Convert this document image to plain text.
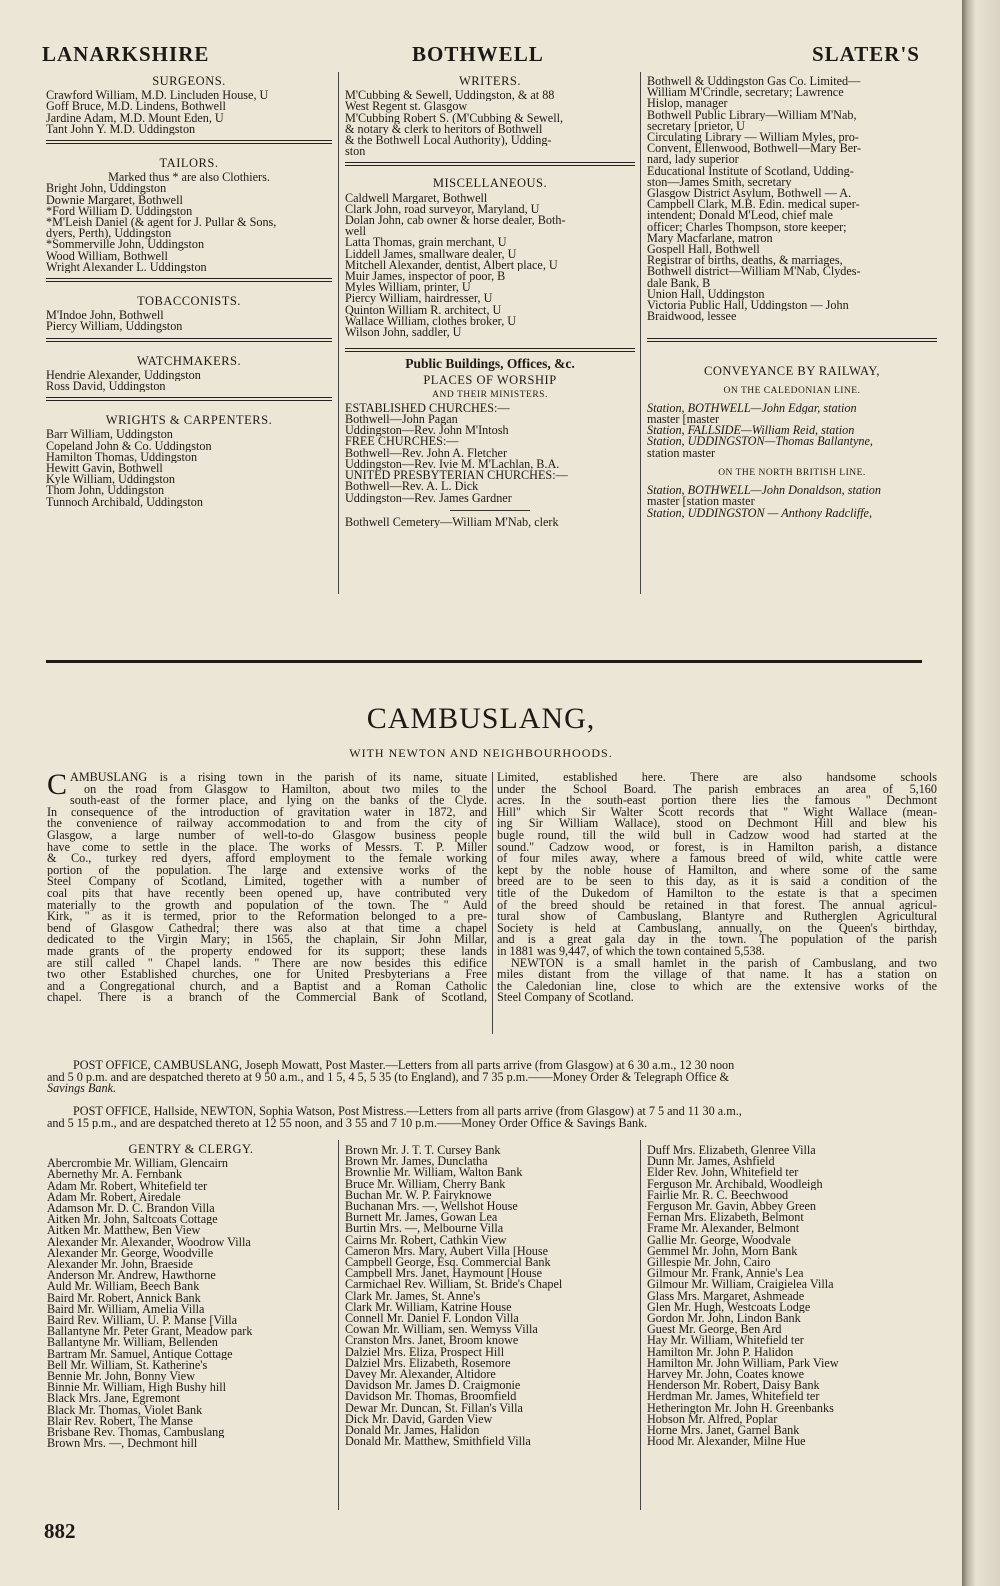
LANARKSHIRE	BOTHWELL	SLATER'S
SURGEONS.
Crawford William, M.D. Lincluden House, U
Goff Bruce, M.D. Lindens, Bothwell
Jardine Adam, M.D. Mount Eden, U
Tant John Y. M.D. Uddingston
TAILORS.
Marked thus * are also Clothiers.
Bright John, Uddingston
Downie Margaret, Bothwell
*Ford William D. Uddingston
*M'Leish Daniel (& agent for J. Pullar & Sons,
dyers, Perth), Uddingston
*Sommerville John, Uddingston
Wood William, Bothwell
Wright Alexander L. Uddingston
TOBACCONISTS.
M'Indoe John, Bothwell
Piercy William, Uddingston
WATCHMAKERS.
Hendrie Alexander, Uddingston
Ross David, Uddingston
WRIGHTS & CARPENTERS.
Barr William, Uddingston
Copeland John & Co. Uddingston
Hamilton Thomas, Uddingston
Hewitt Gavin, Bothwell
Kyle William, Uddingston
Thom John, Uddingston
Tunnoch Archibald, Uddingston
WRITERS.
M'Cubbing & Sewell, Uddingston, & at 88
West Regent st. Glasgow
M'Cubbing Robert S. (M'Cubbing & Sewell,
& notary & clerk to heritors of Bothwell
& the Bothwell Local Authority), Udding-
ston
MISCELLANEOUS.
Caldwell Margaret, Bothwell
Clark John, road surveyor, Maryland, U
Dolan John, cab owner & horse dealer, Both-
well
Latta Thomas, grain merchant, U
Liddell James, smallware dealer, U
Mitchell Alexander, dentist, Albert place, U
Muir James, inspector of poor, B
Myles William, printer, U
Piercy William, hairdresser, U
Quinton William R. architect, U
Wallace William, clothes broker, U
Wilson John, saddler, U
Public Buildings, Offices, &c.
PLACES OF WORSHIP
AND THEIR MINISTERS.
ESTABLISHED CHURCHES:—
Bothwell—John Pagan
Uddingston—Rev. John M'Intosh
FREE CHURCHES:—
Bothwell—Rev. John A. Fletcher
Uddingston—Rev. Ivie M. M'Lachlan, B.A.
UNITED PRESBYTERIAN CHURCHES:—
Bothwell—Rev. A. L. Dick
Uddingston—Rev. James Gardner
Bothwell Cemetery—William M'Nab, clerk
Bothwell & Uddingston Gas Co. Limited—
William M'Crindle, secretary; Lawrence
Hislop, manager
Bothwell Public Library—William M'Nab,
secretary [prietor, U
Circulating Library — William Myles, pro-
Convent, Ellenwood, Bothwell—Mary Ber-
nard, lady superior
Educational Institute of Scotland, Udding-
ston—James Smith, secretary
Glasgow District Asylum, Bothwell — A.
Campbell Clark, M.B. Edin. medical super-
intendent; Donald M'Leod, chief male
officer; Charles Thompson, store keeper;
Mary Macfarlane, matron
Gospell Hall, Bothwell
Registrar of births, deaths, & marriages,
Bothwell district—William M'Nab, Clydes-
dale Bank, B
Union Hall, Uddingston
Victoria Public Hall, Uddingston — John
Braidwood, lessee
CONVEYANCE BY RAILWAY,
ON THE CALEDONIAN LINE.
Station, BOTHWELL—John Edgar, station
master [master
Station, FALLSIDE—William Reid, station
Station, UDDINGSTON—Thomas Ballantyne,
station master
ON THE NORTH BRITISH LINE.
Station, BOTHWELL—John Donaldson, station
master [station master
Station, UDDINGSTON — Anthony Radcliffe,
CAMBUSLANG,
WITH NEWTON AND NEIGHBOURHOODS.
C AMBUSLANG is a rising town in the parish of its name, situate
on the road from Glasgow to Hamilton, about two miles to the
south-east of the former place, and lying on the banks of the Clyde.
In consequence of the introduction of gravitation water in 1872, and
the convenience of railway accommodation to and from the city of
Glasgow, a large number of well-to-do Glasgow business people
have come to settle in the place. The works of Messrs. T. P. Miller
& Co., turkey red dyers, afford employment to the female working
portion of the population. The large and extensive works of the
Steel Company of Scotland, Limited, together with a number of
coal pits that have recently been opened up, have contributed very
materially to the growth and population of the town. The " Auld
Kirk, " as it is termed, prior to the Reformation belonged to a pre-
bend of Glasgow Cathedral; there was also at that time a chapel
dedicated to the Virgin Mary; in 1565, the chaplain, Sir John Millar,
made grants of the property endowed for its support; these lands
are still called " Chapel lands. " There are now besides this edifice
two other Established churches, one for United Presbyterians a Free
and a Congregational church, and a Baptist and a Roman Catholic
chapel. There is a branch of the Commercial Bank of Scotland,
Limited, established here. There are also handsome schools
under the School Board. The parish embraces an area of 5,160
acres. In the south-east portion there lies the famous " Dechmont
Hill" which Sir Walter Scott records that " Wight Wallace (mean-
ing Sir William Wallace), stood on Dechmont Hill and blew his
bugle round, till the wild bull in Cadzow wood had started at the
sound." Cadzow wood, or forest, is in Hamilton parish, a distance
of four miles away, where a famous breed of wild, white cattle were
kept by the noble house of Hamilton, and where some of the same
breed are to be seen to this day, as it is said a condition of the
title of the Dukedom of Hamilton to the estate is that a specimen
of the breed should be retained in that forest. The annual agricul-
tural show of Cambuslang, Blantyre and Rutherglen Agricultural
Society is held at Cambuslang, annually, on the Queen's birthday,
and is a great gala day in the town. The population of the parish
in 1881 was 9,447, of which the town contained 5,538.
NEWTON is a small hamlet in the parish of Cambuslang, and two
miles distant from the village of that name. It has a station on
the Caledonian line, close to which are the extensive works of the
Steel Company of Scotland.
POST OFFICE, CAMBUSLANG, Joseph Mowatt, Post Master.—Letters from all parts arrive (from Glasgow) at 6 30 a.m., 12 30 noon
and 5 0 p.m. and are despatched thereto at 9 50 a.m., and 1 5, 4 5, 5 35 (to England), and 7 35 p.m.——Money Order & Telegraph Office &
Savings Bank.
POST OFFICE, Hallside, NEWTON, Sophia Watson, Post Mistress.—Letters from all parts arrive (from Glasgow) at 7 5 and 11 30 a.m.,
and 5 15 p.m., and are despatched thereto at 12 55 noon, and 3 55 and 7 10 p.m.——Money Order Office & Savings Bank.
GENTRY & CLERGY.
Abercrombie Mr. William, Glencairn
Abernethy Mr. A. Fernbank
Adam Mr. Robert, Whitefield ter
Adam Mr. Robert, Airedale
Adamson Mr. D. C. Brandon Villa
Aitken Mr. John, Saltcoats Cottage
Aitken Mr. Matthew, Ben View
Alexander Mr. Alexander, Woodrow Villa
Alexander Mr. George, Woodville
Alexander Mr. John, Braeside
Anderson Mr. Andrew, Hawthorne
Auld Mr. William, Beech Bank
Baird Mr. Robert, Annick Bank
Baird Mr. William, Amelia Villa
Baird Rev. William, U. P. Manse [Villa
Ballantyne Mr. Peter Grant, Meadow park
Ballantyne Mr. William, Bellenden
Bartram Mr. Samuel, Antique Cottage
Bell Mr. William, St. Katherine's
Bennie Mr. John, Bonny View
Binnie Mr. William, High Bushy hill
Black Mrs. Jane, Egremont
Black Mr. Thomas, Violet Bank
Blair Rev. Robert, The Manse
Brisbane Rev. Thomas, Cambuslang
Brown Mrs. —, Dechmont hill
Brown Mr. J. T. T. Cursey Bank
Brown Mr. James, Dunclatha
Brownlie Mr. William, Walton Bank
Bruce Mr. William, Cherry Bank
Buchan Mr. W. P. Fairyknowe
Buchanan Mrs. —, Wellshot House
Burnett Mr. James, Gowan Lea
Burtin Mrs. —, Melbourne Villa
Cairns Mr. Robert, Cathkin View
Cameron Mrs. Mary, Aubert Villa [House
Campbell George, Esq. Commercial Bank
Campbell Mrs. Janet, Haymount [House
Carmichael Rev. William, St. Bride's Chapel
Clark Mr. James, St. Anne's
Clark Mr. William, Katrine House
Connell Mr. Daniel F. London Villa
Cowan Mr. William, sen. Wemyss Villa
Cranston Mrs. Janet, Broom knowe
Dalziel Mrs. Eliza, Prospect Hill
Dalziel Mrs. Elizabeth, Rosemore
Davey Mr. Alexander, Altidore
Davidson Mr. James D. Craigmonie
Davidson Mr. Thomas, Broomfield
Dewar Mr. Duncan, St. Fillan's Villa
Dick Mr. David, Garden View
Donald Mr. James, Halidon
Donald Mr. Matthew, Smithfield Villa
Duff Mrs. Elizabeth, Glenree Villa
Dunn Mr. James, Ashfield
Elder Rev. John, Whitefield ter
Ferguson Mr. Archibald, Woodleigh
Fairlie Mr. R. C. Beechwood
Ferguson Mr. Gavin, Abbey Green
Fernan Mrs. Elizabeth, Belmont
Frame Mr. Alexander, Belmont
Gallie Mr. George, Woodvale
Gemmel Mr. John, Morn Bank
Gillespie Mr. John, Cairo
Gilmour Mr. Frank, Annie's Lea
Gilmour Mr. William, Craigielea Villa
Glass Mrs. Margaret, Ashmeade
Glen Mr. Hugh, Westcoats Lodge
Gordon Mr. John, Lindon Bank
Guest Mr. George, Ben Ard
Hay Mr. William, Whitefield ter
Hamilton Mr. John P. Halidon
Hamilton Mr. John William, Park View
Harvey Mr. John, Coates knowe
Henderson Mr. Robert, Daisy Bank
Herdman Mr. James, Whitefield ter
Hetherington Mr. John H. Greenbanks
Hobson Mr. Alfred, Poplar
Horne Mrs. Janet, Garnel Bank
Hood Mr. Alexander, Milne Hue
882
